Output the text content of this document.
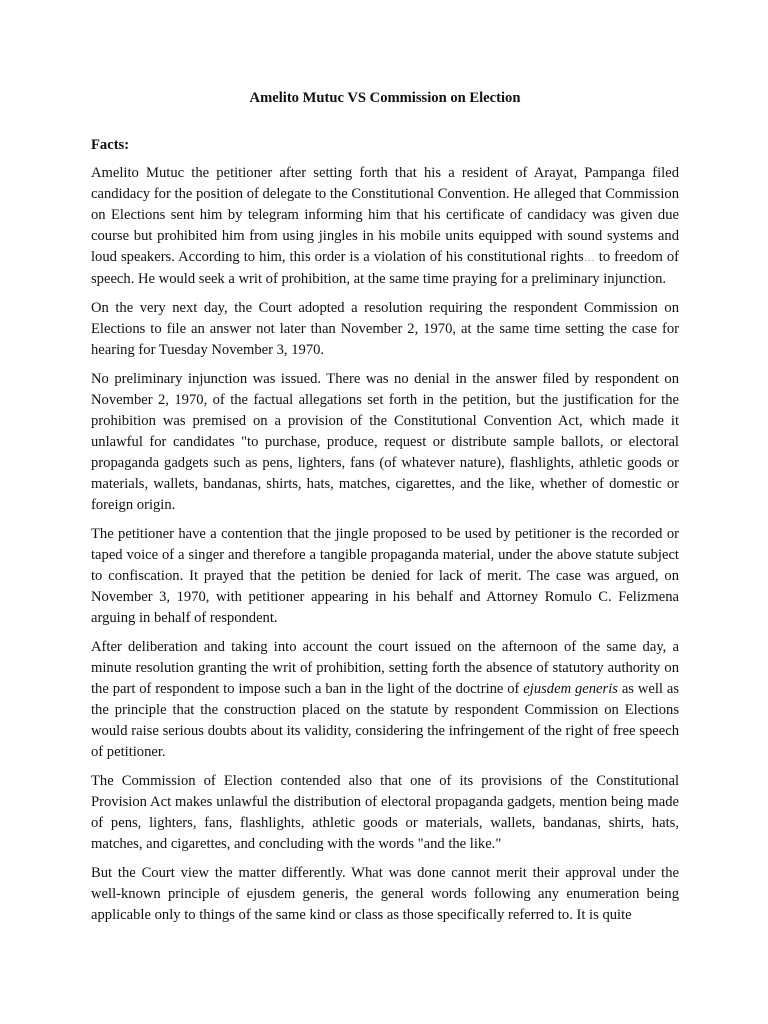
Amelito Mutuc VS Commission on Election
Facts:

Amelito Mutuc the petitioner after setting forth that his a resident of Arayat, Pampanga filed candidacy for the position of delegate to the Constitutional Convention. He alleged that Commission on Elections sent him by telegram informing him that his certificate of candidacy was given due course but prohibited him from using jingles in his mobile units equipped with sound systems and loud speakers. According to him, this order is a violation of his constitutional rights… to freedom of speech. He would seek a writ of prohibition, at the same time praying for a preliminary injunction.

On the very next day, the Court adopted a resolution requiring the respondent Commission on Elections to file an answer not later than November 2, 1970, at the same time setting the case for hearing for Tuesday November 3, 1970.

No preliminary injunction was issued. There was no denial in the answer filed by respondent on November 2, 1970, of the factual allegations set forth in the petition, but the justification for the prohibition was premised on a provision of the Constitutional Convention Act, which made it unlawful for candidates "to purchase, produce, request or distribute sample ballots, or electoral propaganda gadgets such as pens, lighters, fans (of whatever nature), flashlights, athletic goods or materials, wallets, bandanas, shirts, hats, matches, cigarettes, and the like, whether of domestic or foreign origin.

The petitioner have a contention that the jingle proposed to be used by petitioner is the recorded or taped voice of a singer and therefore a tangible propaganda material, under the above statute subject to confiscation. It prayed that the petition be denied for lack of merit. The case was argued, on November 3, 1970, with petitioner appearing in his behalf and Attorney Romulo C. Felizmena arguing in behalf of respondent.

After deliberation and taking into account the court issued on the afternoon of the same day, a minute resolution granting the writ of prohibition, setting forth the absence of statutory authority on the part of respondent to impose such a ban in the light of the doctrine of ejusdem generis as well as the principle that the construction placed on the statute by respondent Commission on Elections would raise serious doubts about its validity, considering the infringement of the right of free speech of petitioner.

The Commission of Election contended also that one of its provisions of the Constitutional Provision Act makes unlawful the distribution of electoral propaganda gadgets, mention being made of pens, lighters, fans, flashlights, athletic goods or materials, wallets, bandanas, shirts, hats, matches, and cigarettes, and concluding with the words "and the like."

But the Court view the matter differently. What was done cannot merit their approval under the well-known principle of ejusdem generis, the general words following any enumeration being applicable only to things of the same kind or class as those specifically referred to. It is quite
